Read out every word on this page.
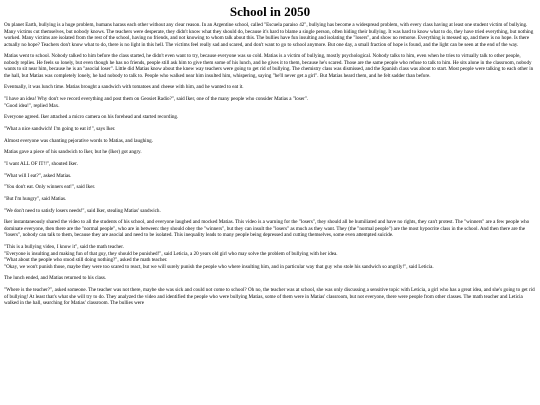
School in 2050

On planet Earth, bullying is a huge problem, humans harass each other without any clear reason. In an Argentine school, called "Escuela paraiso 42", bullying has become a widespread problem, with every class having at least one student victim of bullying. Many victims cut themselves, but nobody knows. The teachers were desperate, they didn't know what they should do, because it's hard to blame a single person, often hiding their bullying. It was hard to know what to do, they have tried everything, but nothing worked. Many victims are isolated from the rest of the school, having no friends, and not knowing to whom talk about this. The bullies have fun insulting and isolating the "losers", and show no remorse. Everything is messed up, and there is no hope. Is there actually no hope? Teachers don't know what to do, there is no light in this hell. The victims feel really sad and scared, and don't want to go to school anymore. But one day, a small fraction of hope is found, and the light can be seen at the end of the way.

Matias went to school. Nobody talked to him before the class started, he didn't even want to try, because everyone was so cold. Matias is a victim of bullying, mostly psychological. Nobody talks to him, even when he tries to virtually talk to other people, nobody replies. He feels so lonely, but even though he has no friends, people still ask him to give them some of his lunch, and he gives it to them, because he's scared. Those are the same people who refuse to talk to him. He sits alone in the classroom, nobody wants to sit near him, because he is an "asocial loser". Little did Matias know about the knew way teachers were going to get rid of bullying. The chemistry class was dismissed, and the Spanish class was about to start. Most people were talking to each other in the hall, but Matias was completely lonely, he had nobody to talk to. People who walked near him insulted him, whispering, saying "he'll never get a girl". But Matias heard them, and he felt sadder than before.

Eventually, it was lunch time. Matias brought a sandwich with tomatoes and cheese with him, and he wanted to eat it.

"I have an idea! Why don't we record everything and post them on Geosiet Radio?", said Iker, one of the many people who consider Matias a "loser".
"Good idea!", replied Max.

Everyone agreed. Iker attached a micro camera on his forehead and started recording.

"What a nice sandwich! I'm going to eat it!", says Iker.

Almost everyone was chanting pejorative words to Matias, and laughing.

Matias gave a piece of his sandwich to Iker, but he (Iker) got angry.

"I want ALL OF IT!!", shouted Iker.

"What will I eat?", asked Matias.

"You don't eat. Only winners eat!", said Iker.

"But I'm hungry", said Matias.

"We don't need to satisfy losers needs!", said Iker, stealing Matias' sandwich.

Iker instantaneously shared the video to all the students of his school, and everyone laughed and mocked Matias. This video is a warning for the "losers", they should all be humiliated and have no rights, they can't protest. The "winners" are a few people who dominate everyone, then there are the "normal people", who are in between: they should obey the "winners", but they can insult the "losers" as much as they want. They (the "normal people") are the most hypocrite class in the school. And then there are the "losers", nobody can talk to them, because they are asocial and need to be isolated. This inequality leads to many people being depressed and cutting themselves, some even attempted suicide.

"This is a bullying video, I know it", said the math teacher.
"Everyone is insulting and making fun of that guy, they should be punished!", said Leticia, a 20 years old girl who may solve the problem of bullying with her idea.
"What about the people who stood still doing nothing?", asked the math teacher.
"Okay, we won't punish those, maybe they were too scared to react, but we will surely punish the people who where insulting him, and in particular way that guy who stole his sandwich so angrily!", said Leticia.

The lunch ended, and Matias returned to his class.

"Where is the teacher?", asked someone. The teacher was not there, maybe she was sick and could not come to school? Oh no, the teacher was at school, she was only discussing a sensitive topic with Leticia, a girl who has a great idea, and she's going to get rid of bullying! At least that's what she will try to do. They analyzed the video and identified the people who were bullying Matias, some of them were in Matias' classroom, but not everyone, there were people from other classes. The math teacher and Leticia walked in the hall, searching for Matias' classroom. The bullies were
